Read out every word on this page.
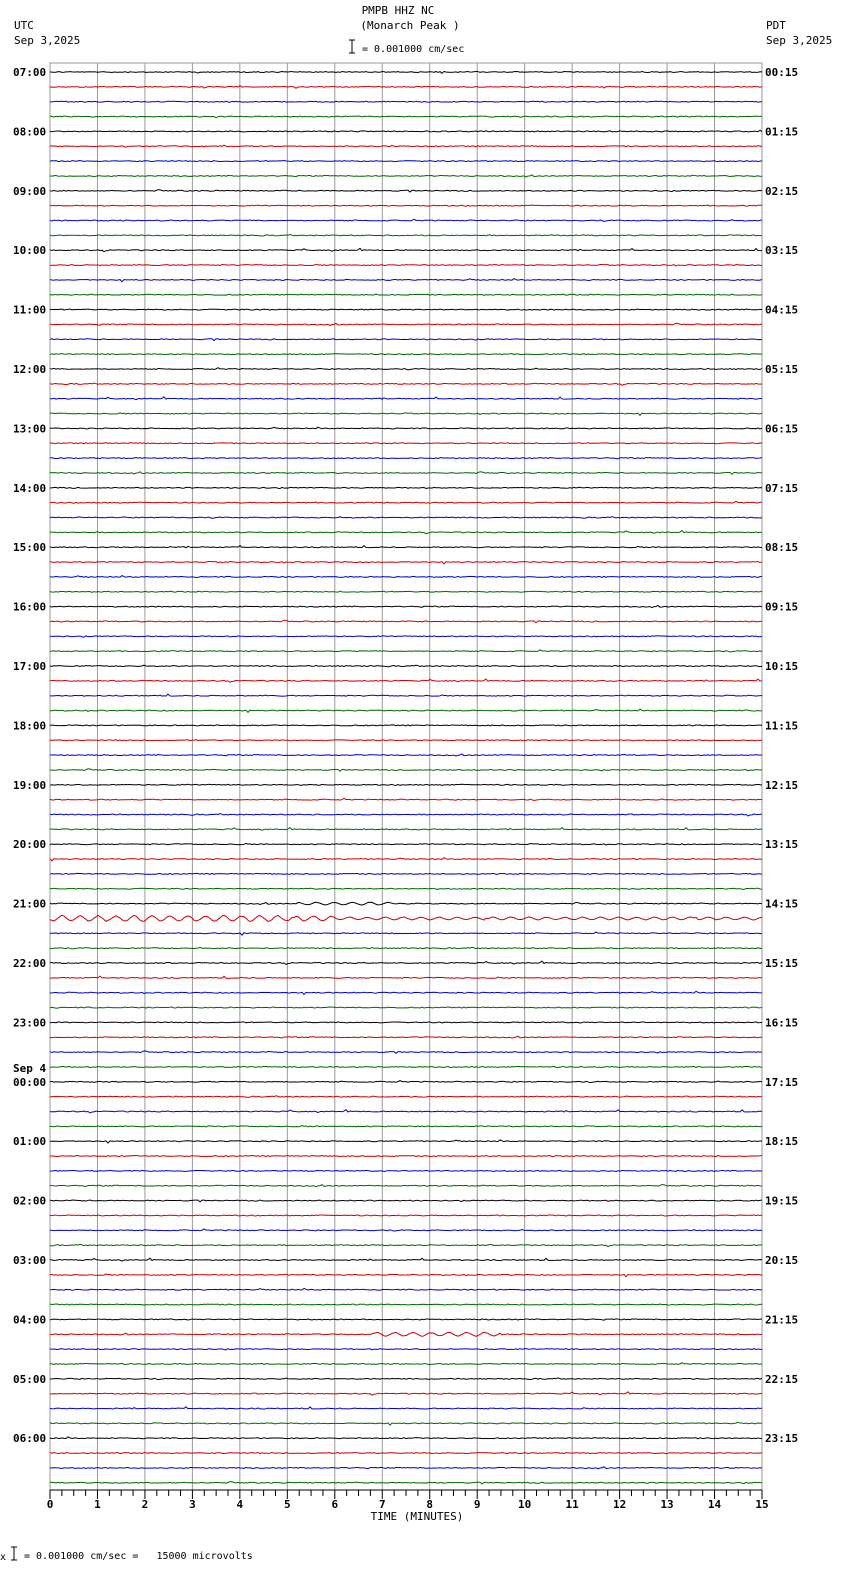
PMPB HHZ NC
(Monarch Peak )
UTC
Sep 3,2025
PDT
Sep 3,2025
= 0.001000 cm/sec
07:00
08:00
09:00
10:00
11:00
12:00
13:00
14:00
15:00
16:00
17:00
18:00
19:00
20:00
21:00
22:00
23:00
00:00
01:00
02:00
03:00
04:00
05:00
06:00
Sep 4
00:15
01:15
02:15
03:15
04:15
05:15
06:15
07:15
08:15
09:15
10:15
11:15
12:15
13:15
14:15
15:15
16:15
17:15
18:15
19:15
20:15
21:15
22:15
23:15
0	1	2	3	4	5	6	7	8	9	10	11	12	13	14	15
TIME (MINUTES)
x = 0.001000 cm/sec =   15000 microvolts
